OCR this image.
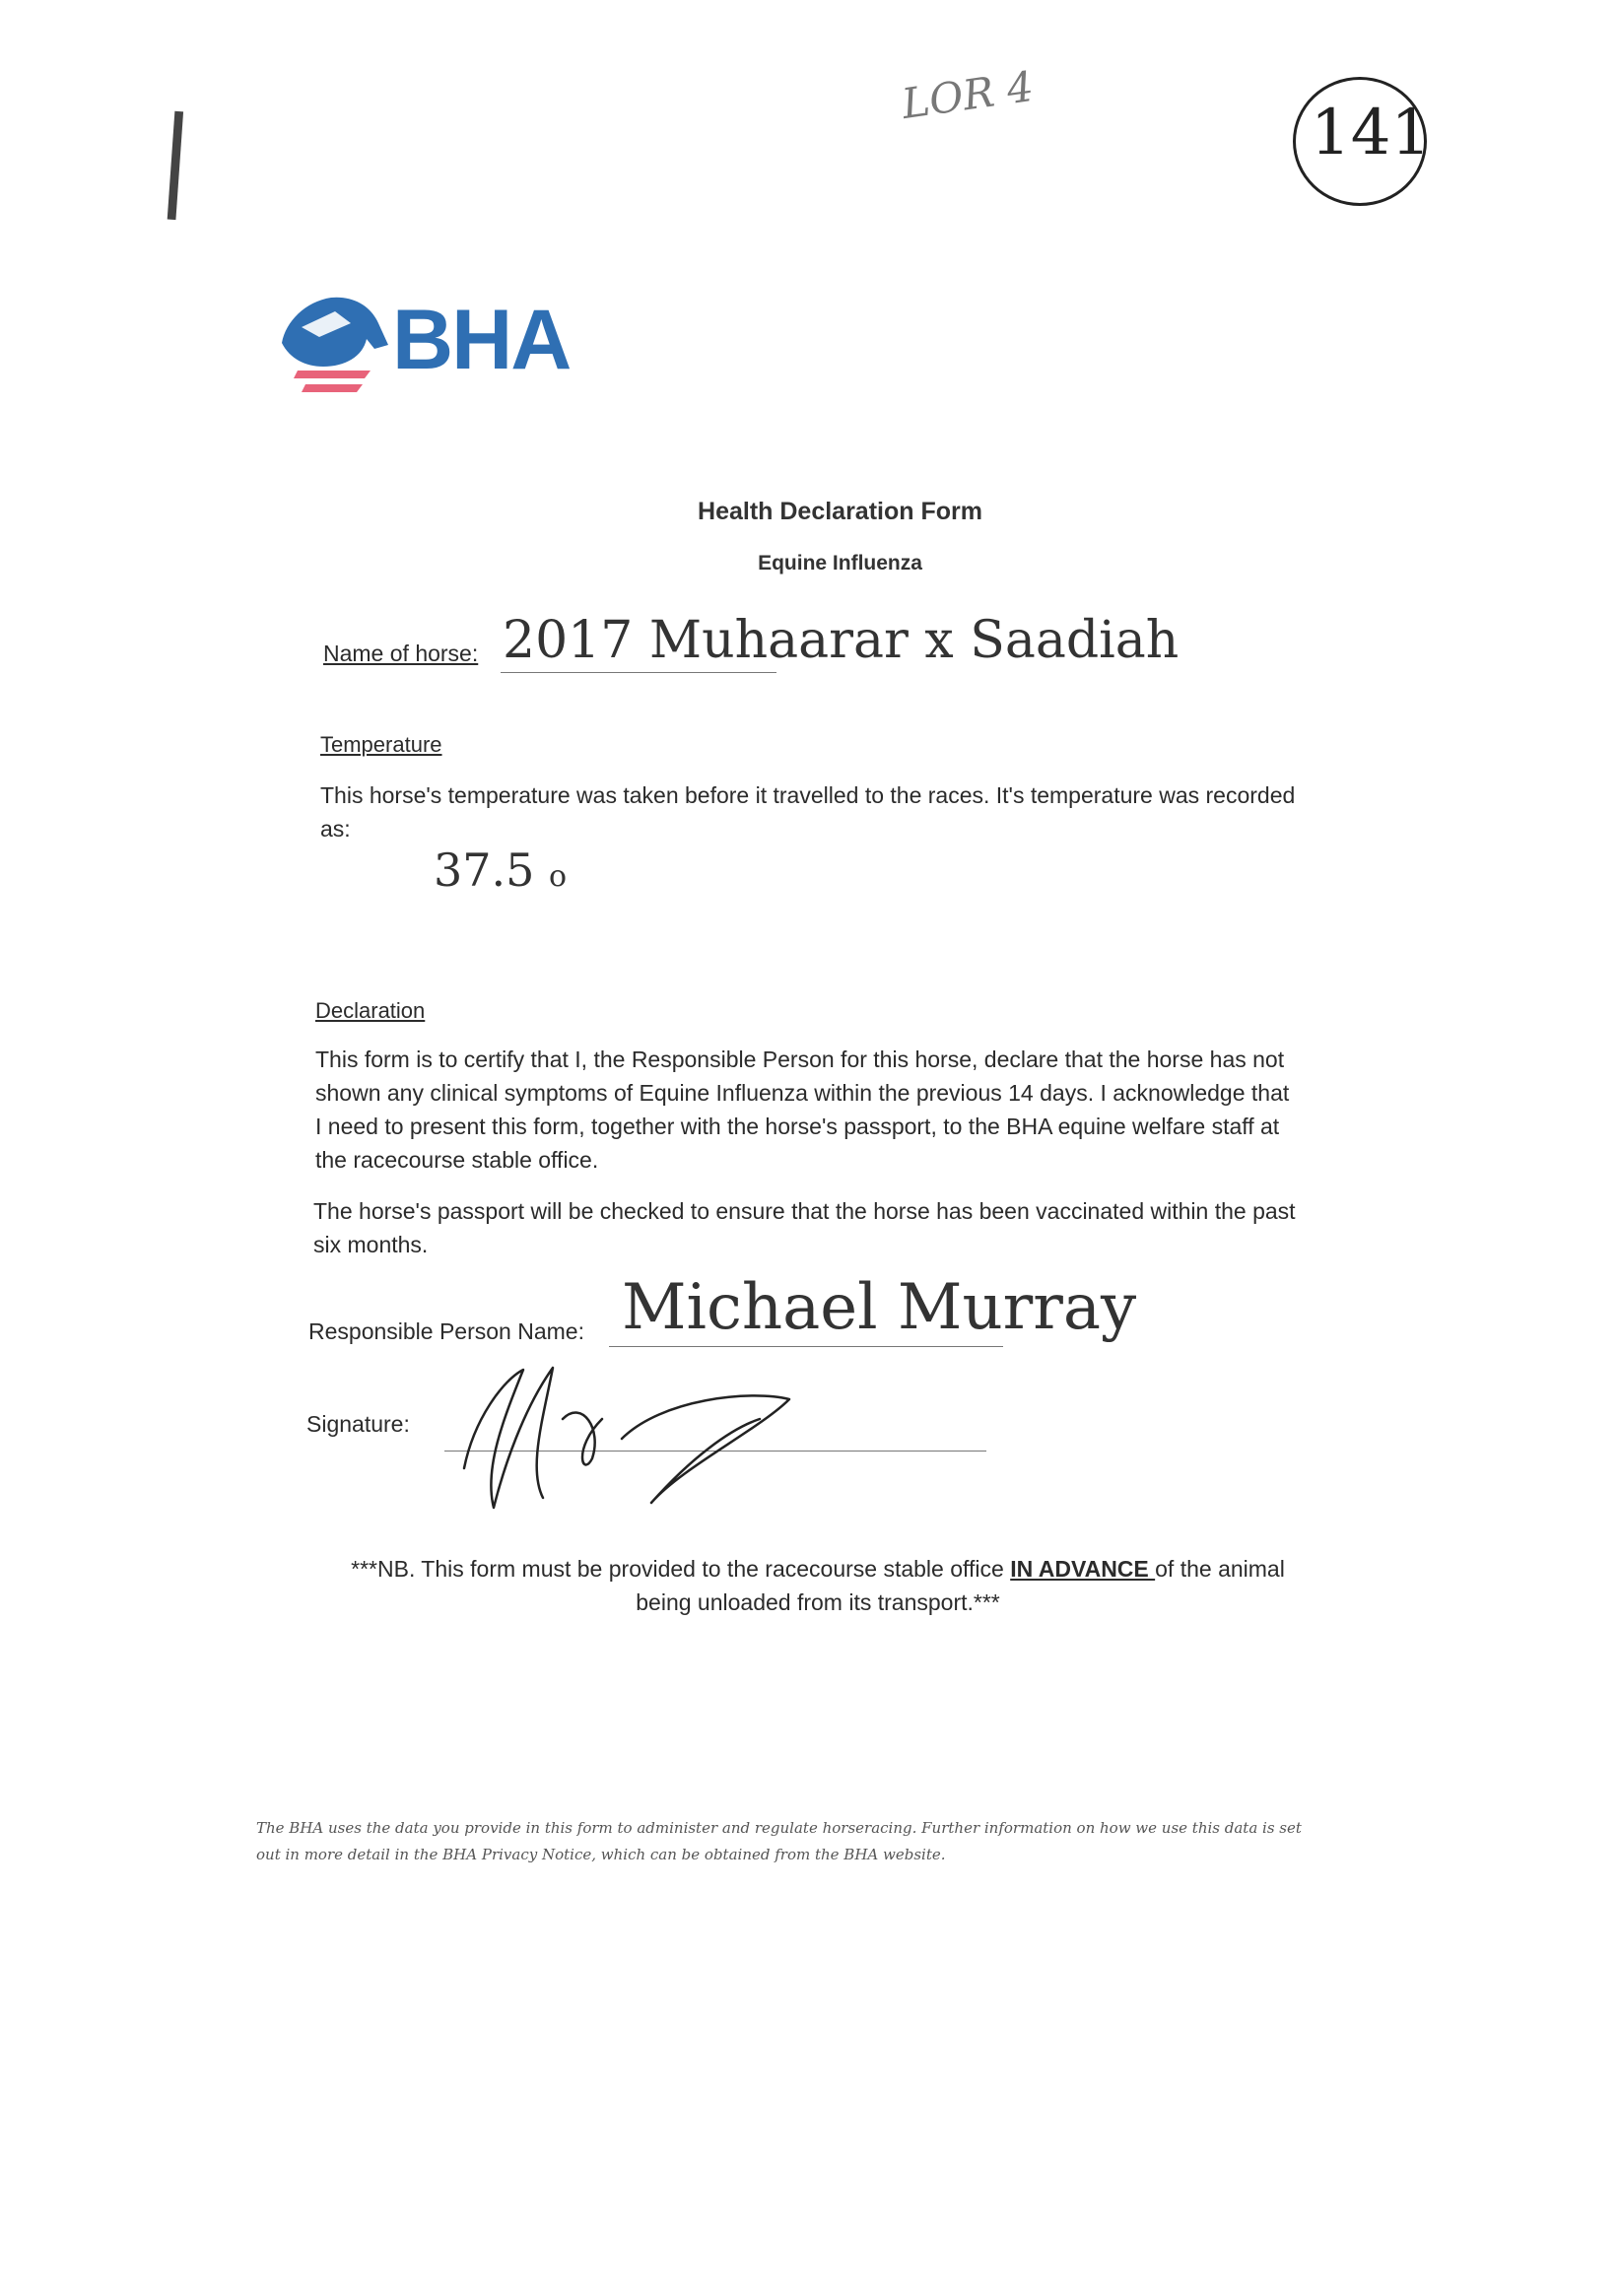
|	LOR 4
141
BHA
Health Declaration Form
Equine Influenza
Name of horse: 2017 Muhaarar x Saadiah
Temperature
This horse's temperature was taken before it travelled to the races. It's temperature was recorded as:
37.5 o
Declaration
This form is to certify that I, the Responsible Person for this horse, declare that the horse has not shown any clinical symptoms of Equine Influenza within the previous 14 days. I acknowledge that I need to present this form, together with the horse's passport, to the BHA equine welfare staff at the racecourse stable office.
The horse's passport will be checked to ensure that the horse has been vaccinated within the past six months.
Responsible Person Name: Michael Murray
Signature:
***NB. This form must be provided to the racecourse stable office IN ADVANCE of the animal being unloaded from its transport.***
The BHA uses the data you provide in this form to administer and regulate horseracing. Further information on how we use this data is set out in more detail in the BHA Privacy Notice, which can be obtained from the BHA website.
